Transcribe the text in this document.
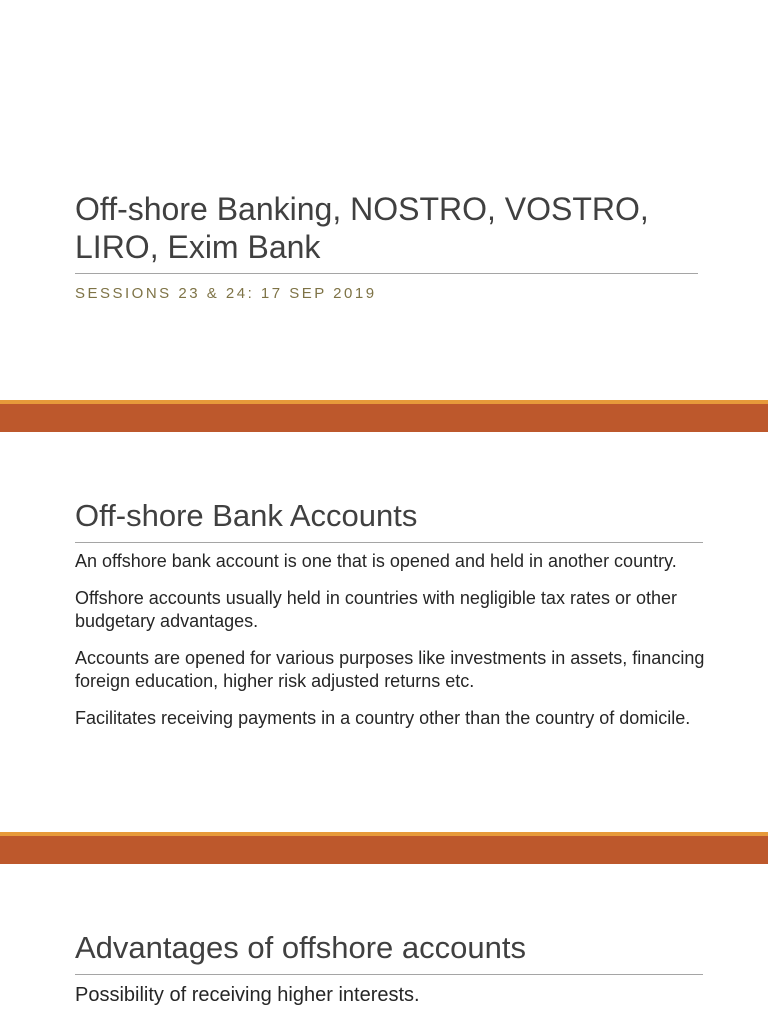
Off-shore Banking, NOSTRO, VOSTRO,
LIRO, Exim Bank

SESSIONS 23 & 24: 17 SEP 2019

Off-shore Bank Accounts
An offshore bank account is one that is opened and held in another country.
Offshore accounts usually held in countries with negligible tax rates or other budgetary advantages.
Accounts are opened for various purposes like investments in assets, financing foreign education, higher risk adjusted returns etc.
Facilitates receiving payments in a country other than the country of domicile.
Advantages of offshore accounts
Possibility of receiving higher interests.
